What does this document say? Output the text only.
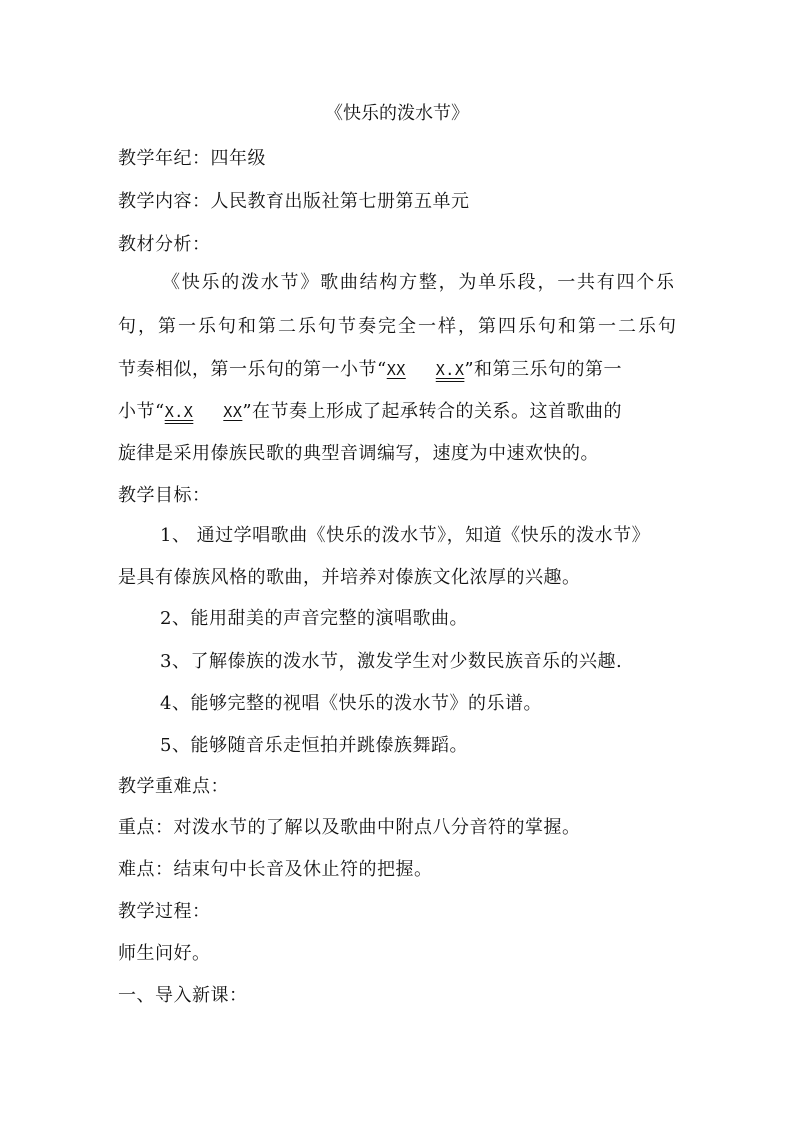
《快乐的泼水节》
教学年纪：四年级
教学内容：人民教育出版社第七册第五单元
教材分析：
《快乐的泼水节》歌曲结构方整，为单乐段，一共有四个乐
句，第一乐句和第二乐句节奏完全一样，第四乐句和第一二乐句
节奏相似，第一乐句的第一小节“XX X.X”和第三乐句的第一
小节“X.X XX”在节奏上形成了起承转合的关系。这首歌曲的
旋律是采用傣族民歌的典型音调编写，速度为中速欢快的。
教学目标：
1、 通过学唱歌曲《快乐的泼水节》，知道《快乐的泼水节》
是具有傣族风格的歌曲，并培养对傣族文化浓厚的兴趣。
2、能用甜美的声音完整的演唱歌曲。
3、了解傣族的泼水节，激发学生对少数民族音乐的兴趣.
4、能够完整的视唱《快乐的泼水节》的乐谱。
5、能够随音乐走恒拍并跳傣族舞蹈。
教学重难点：
重点：对泼水节的了解以及歌曲中附点八分音符的掌握。
难点：结束句中长音及休止符的把握。
教学过程：
师生问好。
一、导入新课：
